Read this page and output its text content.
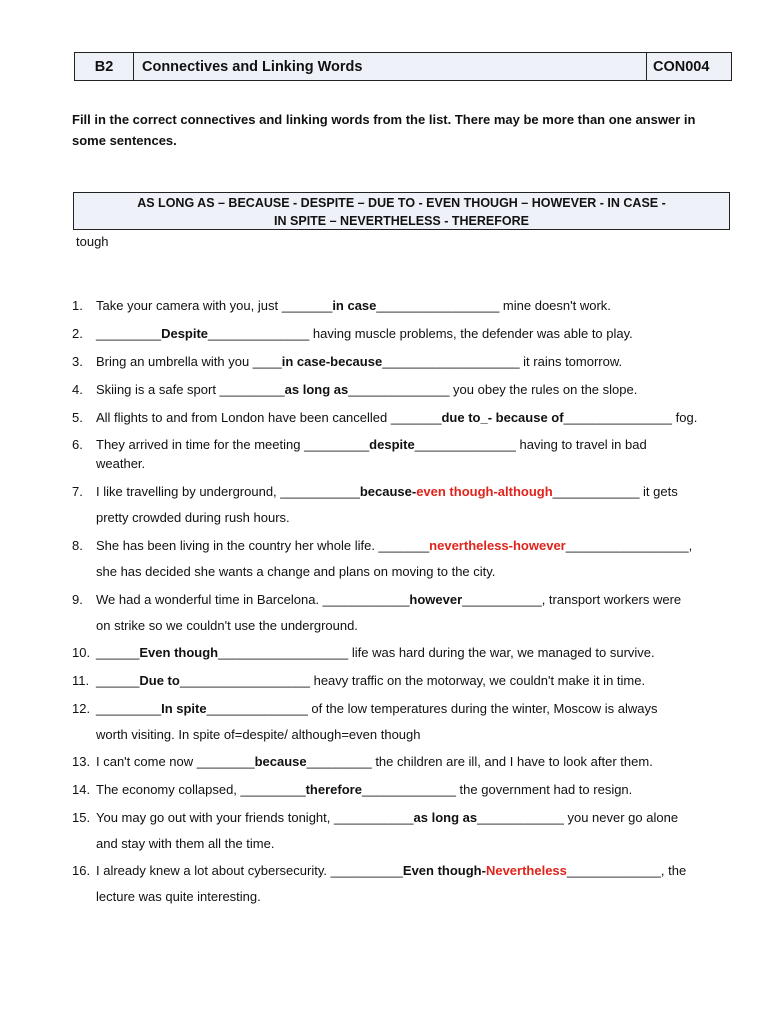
B2	Connectives and Linking Words	CON004
Fill in the correct connectives and linking words from the list. There may be more than one answer in
some sentences.
AS LONG AS – BECAUSE - DESPITE – DUE TO - EVEN THOUGH – HOWEVER - IN CASE -
IN SPITE – NEVERTHELESS - THEREFORE
tough
1.	Take your camera with you, just _______in case_________________ mine doesn't work.
2.	_________Despite______________ having muscle problems, the defender was able to play.
3.	Bring an umbrella with you ____in case-because___________________ it rains tomorrow.
4.	Skiing is a safe sport _________as long as______________ you obey the rules on the slope.
5.	All flights to and from London have been cancelled _______due to_- because of_______________ fog.
6.	They arrived in time for the meeting _________despite______________ having to travel in bad
weather.
7.	I like travelling by underground, ___________because-even though-although____________ it gets
pretty crowded during rush hours.
8.	She has been living in the country her whole life. _______nevertheless-however_________________,
she has decided she wants a change and plans on moving to the city.
9.	We had a wonderful time in Barcelona. ____________however___________, transport workers were
on strike so we couldn't use the underground.
10. ______Even though__________________ life was hard during the war, we managed to survive.
11. ______Due to__________________ heavy traffic on the motorway, we couldn't make it in time.
12. _________In spite______________ of the low temperatures during the winter, Moscow is always
worth visiting. In spite of=despite/ although=even though
13. I can't come now ________because_________ the children are ill, and I have to look after them.
14. The economy collapsed, _________therefore_____________ the government had to resign.
15. You may go out with your friends tonight, ___________as long as____________ you never go alone
and stay with them all the time.
16. I already knew a lot about cybersecurity. __________Even though-Nevertheless_____________, the
lecture was quite interesting.
